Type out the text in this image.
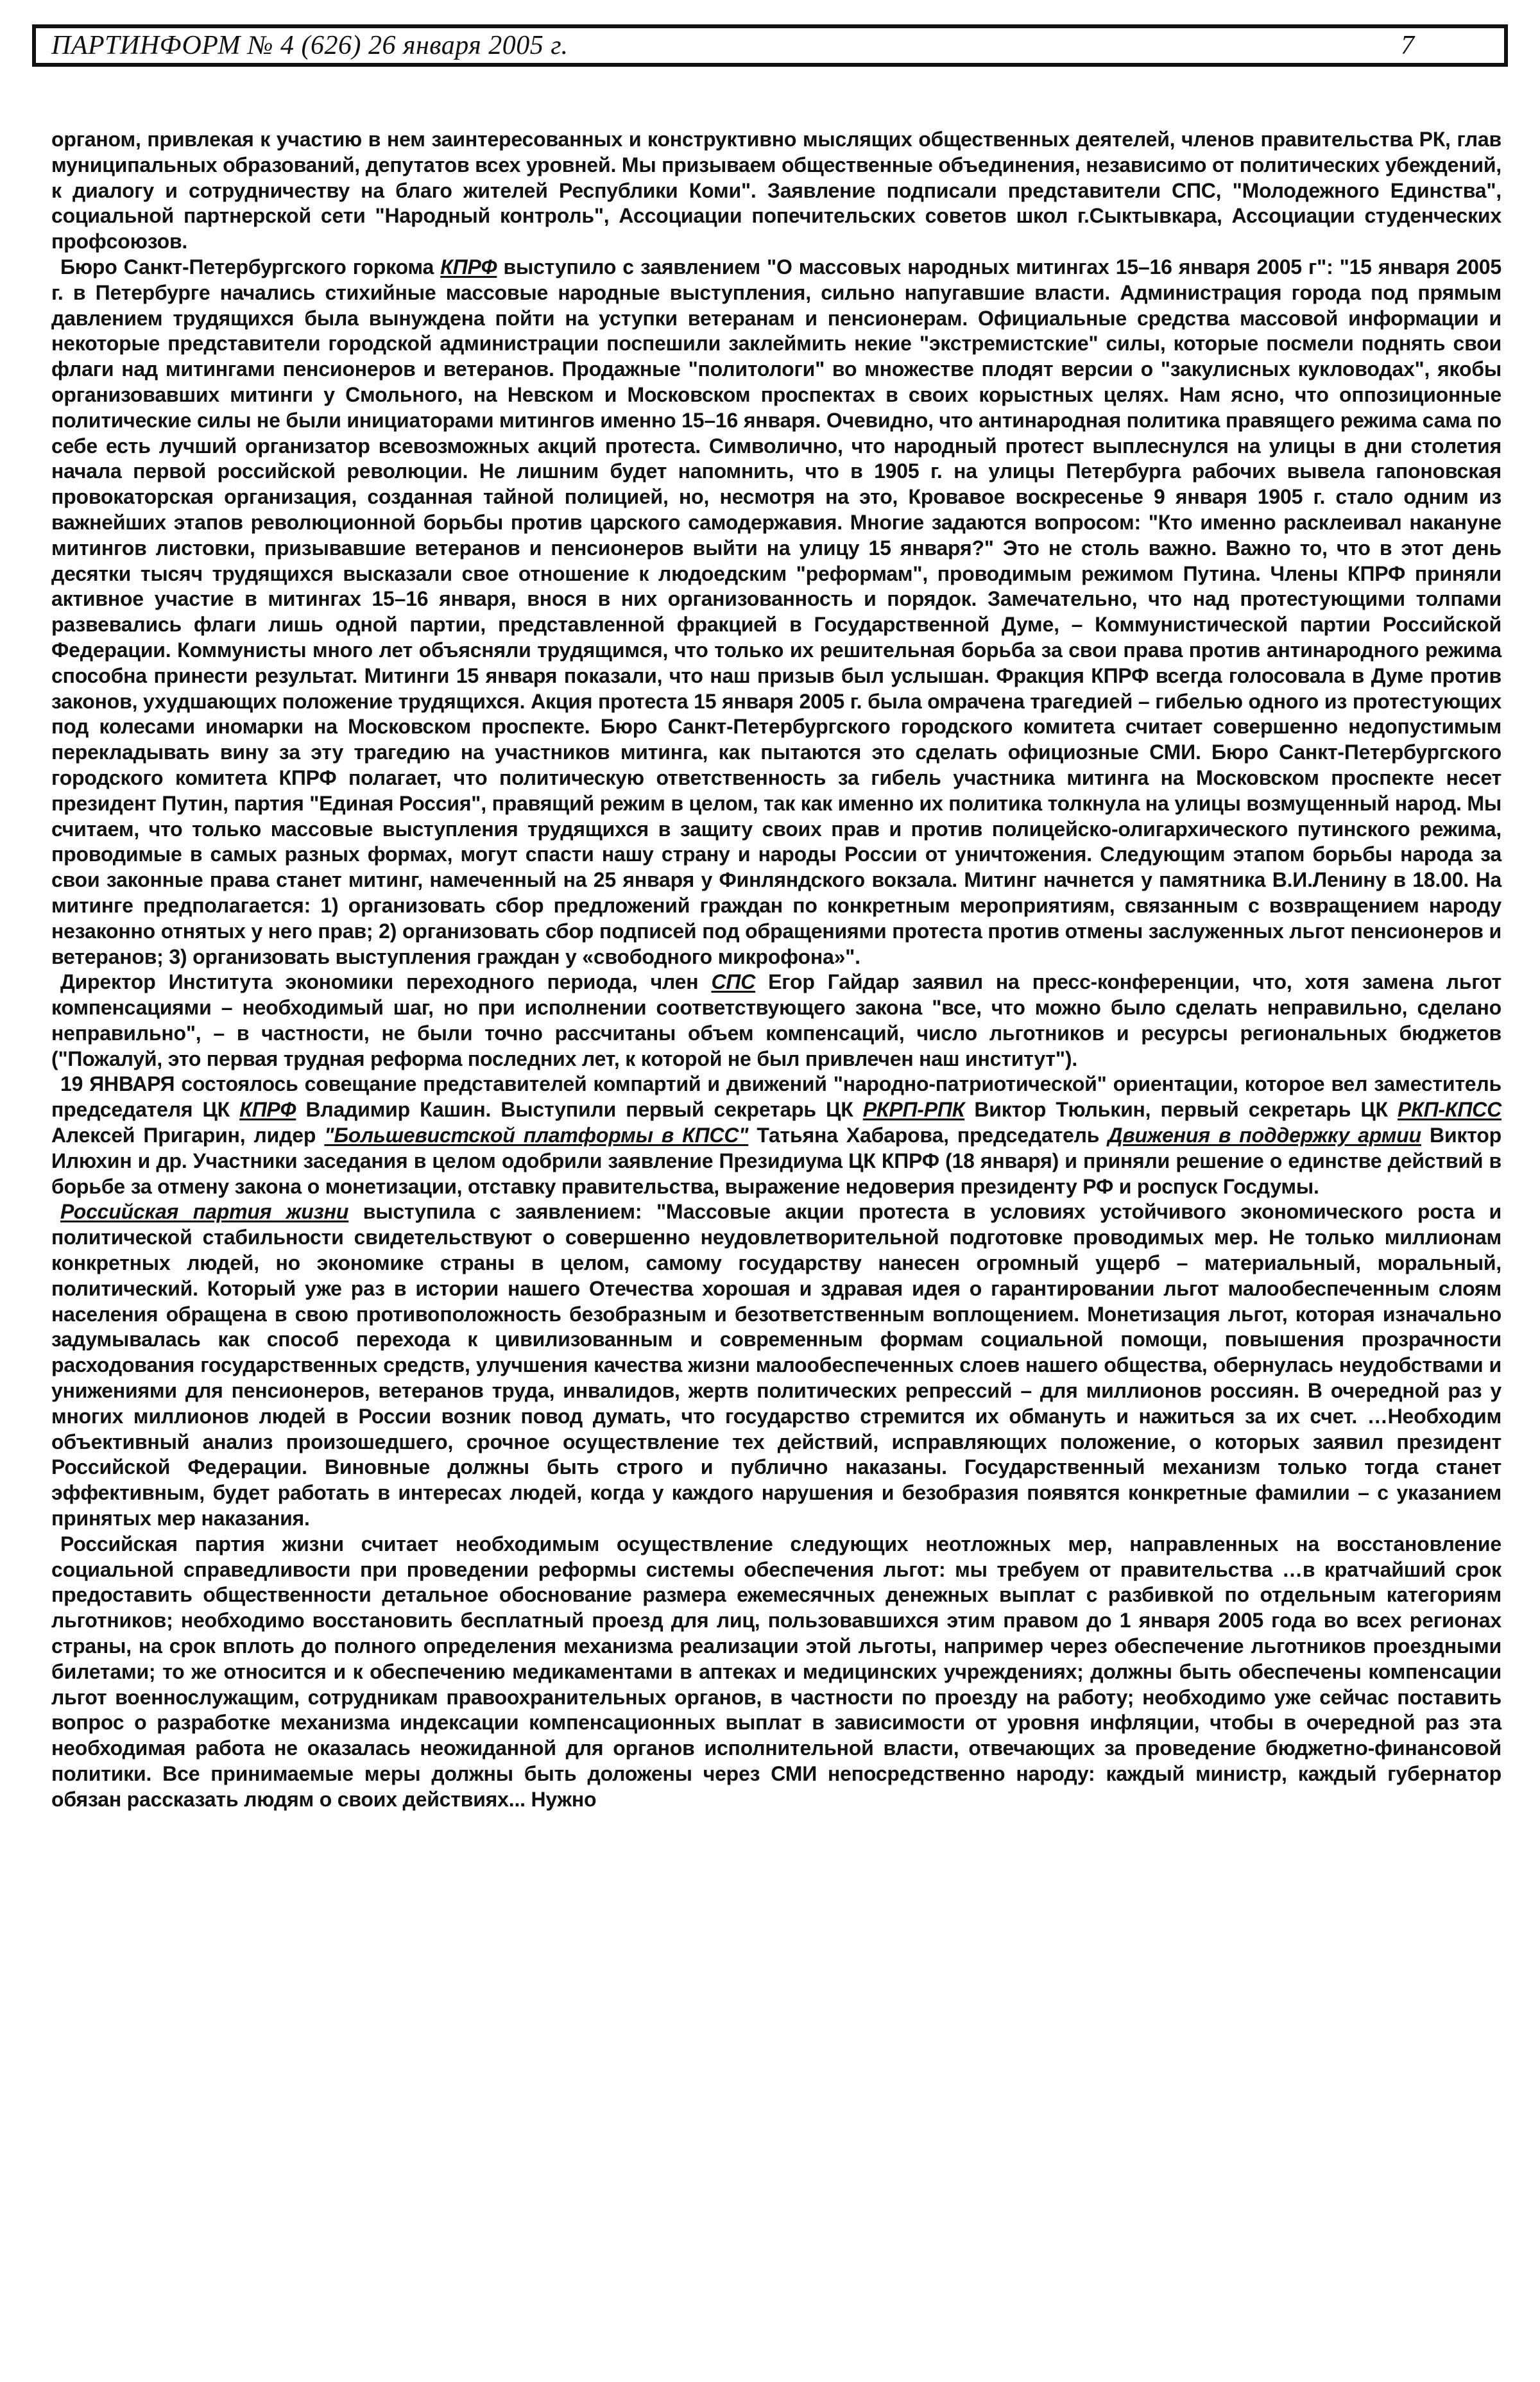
ПАРТИНФОРМ № 4 (626) 26 января 2005 г.	7

органом, привлекая к участию в нем заинтересованных и конструктивно мыслящих общественных деятелей, членов правительства РК, глав муниципальных образований, депутатов всех уровней. Мы призываем общественные объединения, независимо от политических убеждений, к диалогу и сотрудничеству на благо жителей Республики Коми". Заявление подписали представители СПС, "Молодежного Единства", социальной партнерской сети "Народный контроль", Ассоциации попечительских советов школ г.Сыктывкара, Ассоциации студенческих профсоюзов.

Бюро Санкт-Петербургского горкома КПРФ выступило с заявлением "О массовых народных митингах 15–16 января 2005 г": "15 января 2005 г. в Петербурге начались стихийные массовые народные выступления, сильно напугавшие власти. Администрация города под прямым давлением трудящихся была вынуждена пойти на уступки ветеранам и пенсионерам. Официальные средства массовой информации и некоторые представители городской администрации поспешили заклеймить некие "экстремистские" силы, которые посмели поднять свои флаги над митингами пенсионеров и ветеранов. Продажные "политологи" во множестве плодят версии о "закулисных кукловодах", якобы организовавших митинги у Смольного, на Невском и Московском проспектах в своих корыстных целях. Нам ясно, что оппозиционные политические силы не были инициаторами митингов именно 15–16 января. Очевидно, что антинародная политика правящего режима сама по себе есть лучший организатор всевозможных акций протеста. Символично, что народный протест выплеснулся на улицы в дни столетия начала первой российской революции. Не лишним будет напомнить, что в 1905 г. на улицы Петербурга рабочих вывела гапоновская провокаторская организация, созданная тайной полицией, но, несмотря на это, Кровавое воскресенье 9 января 1905 г. стало одним из важнейших этапов революционной борьбы против царского самодержавия. Многие задаются вопросом: "Кто именно расклеивал накануне митингов листовки, призывавшие ветеранов и пенсионеров выйти на улицу 15 января?" Это не столь важно. Важно то, что в этот день десятки тысяч трудящихся высказали свое отношение к людоедским "реформам", проводимым режимом Путина. Члены КПРФ приняли активное участие в митингах 15–16 января, внося в них организованность и порядок. Замечательно, что над протестующими толпами развевались флаги лишь одной партии, представленной фракцией в Государственной Думе, – Коммунистической партии Российской Федерации. Коммунисты много лет объясняли трудящимся, что только их решительная борьба за свои права против антинародного режима способна принести результат. Митинги 15 января показали, что наш призыв был услышан. Фракция КПРФ всегда голосовала в Думе против законов, ухудшающих положение трудящихся. Акция протеста 15 января 2005 г. была омрачена трагедией – гибелью одного из протестующих под колесами иномарки на Московском проспекте. Бюро Санкт-Петербургского городского комитета считает совершенно недопустимым перекладывать вину за эту трагедию на участников митинга, как пытаются это сделать официозные СМИ. Бюро Санкт-Петербургского городского комитета КПРФ полагает, что политическую ответственность за гибель участника митинга на Московском проспекте несет президент Путин, партия "Единая Россия", правящий режим в целом, так как именно их политика толкнула на улицы возмущенный народ. Мы считаем, что только массовые выступления трудящихся в защиту своих прав и против полицейско-олигархического путинского режима, проводимые в самых разных формах, могут спасти нашу страну и народы России от уничтожения. Следующим этапом борьбы народа за свои законные права станет митинг, намеченный на 25 января у Финляндского вокзала. Митинг начнется у памятника В.И.Ленину в 18.00. На митинге предполагается: 1) организовать сбор предложений граждан по конкретным мероприятиям, связанным с возвращением народу незаконно отнятых у него прав; 2) организовать сбор подписей под обращениями протеста против отмены заслуженных льгот пенсионеров и ветеранов; 3) организовать выступления граждан у «свободного микрофона»".

Директор Института экономики переходного периода, член СПС Егор Гайдар заявил на пресс-конференции, что, хотя замена льгот компенсациями – необходимый шаг, но при исполнении соответствующего закона "все, что можно было сделать неправильно, сделано неправильно", – в частности, не были точно рассчитаны объем компенсаций, число льготников и ресурсы региональных бюджетов ("Пожалуй, это первая трудная реформа последних лет, к которой не был привлечен наш институт").

19 ЯНВАРЯ состоялось совещание представителей компартий и движений "народно-патриотической" ориентации, которое вел заместитель председателя ЦК КПРФ Владимир Кашин. Выступили первый секретарь ЦК РКРП-РПК Виктор Тюлькин, первый секретарь ЦК РКП-КПСС Алексей Пригарин, лидер "Большевистской платформы в КПСС" Татьяна Хабарова, председатель Движения в поддержку армии Виктор Илюхин и др. Участники заседания в целом одобрили заявление Президиума ЦК КПРФ (18 января) и приняли решение о единстве действий в борьбе за отмену закона о монетизации, отставку правительства, выражение недоверия президенту РФ и роспуск Госдумы.

Российская партия жизни выступила с заявлением: "Массовые акции протеста в условиях устойчивого экономического роста и политической стабильности свидетельствуют о совершенно неудовлетворительной подготовке проводимых мер. Не только миллионам конкретных людей, но экономике страны в целом, самому государству нанесен огромный ущерб – материальный, моральный, политический. Который уже раз в истории нашего Отечества хорошая и здравая идея о гарантировании льгот малообеспеченным слоям населения обращена в свою противоположность безобразным и безответственным воплощением. Монетизация льгот, которая изначально задумывалась как способ перехода к цивилизованным и современным формам социальной помощи, повышения прозрачности расходования государственных средств, улучшения качества жизни малообеспеченных слоев нашего общества, обернулась неудобствами и унижениями для пенсионеров, ветеранов труда, инвалидов, жертв политических репрессий – для миллионов россиян. В очередной раз у многих миллионов людей в России возник повод думать, что государство стремится их обмануть и нажиться за их счет. …Необходим объективный анализ произошедшего, срочное осуществление тех действий, исправляющих положение, о которых заявил президент Российской Федерации. Виновные должны быть строго и публично наказаны. Государственный механизм только тогда станет эффективным, будет работать в интересах людей, когда у каждого нарушения и безобразия появятся конкретные фамилии – с указанием принятых мер наказания.

Российская партия жизни считает необходимым осуществление следующих неотложных мер, направленных на восстановление социальной справедливости при проведении реформы системы обеспечения льгот: мы требуем от правительства …в кратчайший срок предоставить общественности детальное обоснование размера ежемесячных денежных выплат с разбивкой по отдельным категориям льготников; необходимо восстановить бесплатный проезд для лиц, пользовавшихся этим правом до 1 января 2005 года во всех регионах страны, на срок вплоть до полного определения механизма реализации этой льготы, например через обеспечение льготников проездными билетами; то же относится и к обеспечению медикаментами в аптеках и медицинских учреждениях; должны быть обеспечены компенсации льгот военнослужащим, сотрудникам правоохранительных органов, в частности по проезду на работу; необходимо уже сейчас поставить вопрос о разработке механизма индексации компенсационных выплат в зависимости от уровня инфляции, чтобы в очередной раз эта необходимая работа не оказалась неожиданной для органов исполнительной власти, отвечающих за проведение бюджетно-финансовой политики. Все принимаемые меры должны быть доложены через СМИ непосредственно народу: каждый министр, каждый губернатор обязан рассказать людям о своих действиях... Нужно
